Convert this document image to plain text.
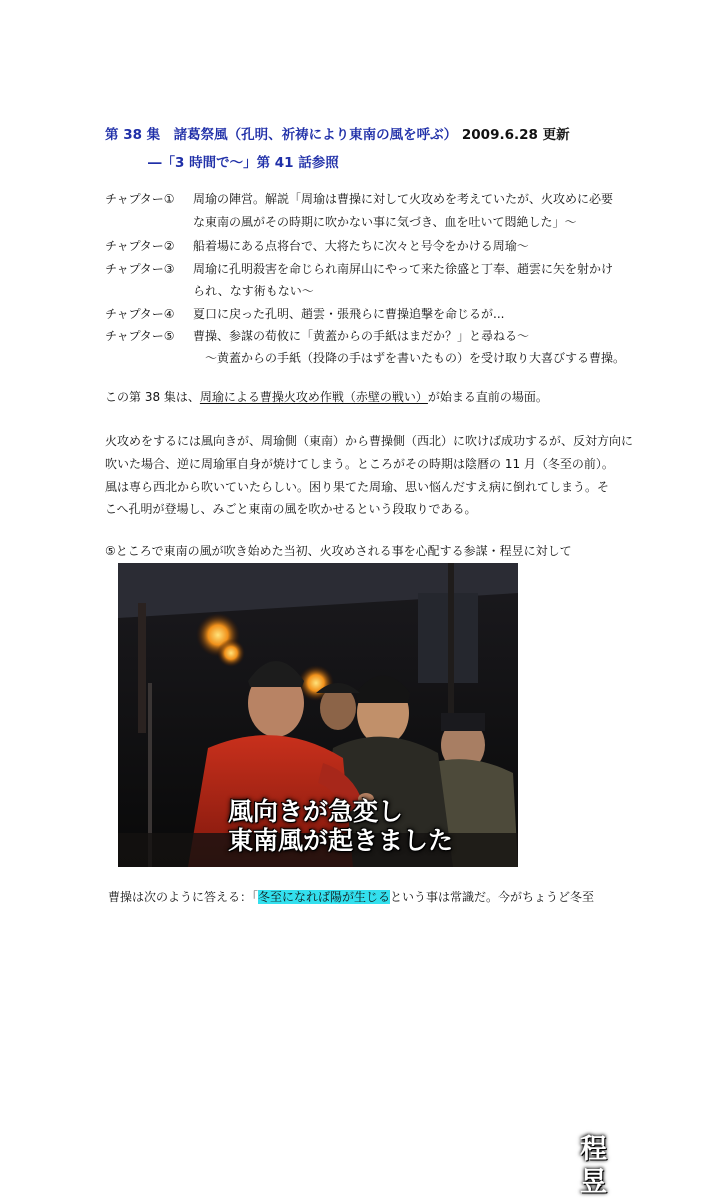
第 38 集　諸葛祭風（孔明、祈祷により東南の風を呼ぶ） 2009.6.28 更新
―「3 時間で～」第 41 話参照
チャプター① 周瑜の陣営。解説「周瑜は曹操に対して火攻めを考えていたが、火攻めに必要
な東南の風がその時期に吹かない事に気づき、血を吐いて悶絶した」～
チャプター② 船着場にある点将台で、大将たちに次々と号令をかける周瑜～
チャプター③ 周瑜に孔明殺害を命じられ南屏山にやって来た徐盛と丁奉、趙雲に矢を射かけ
られ、なす術もない～
チャプター④ 夏口に戻った孔明、趙雲・張飛らに曹操追撃を命じるが...
チャプター⑤ 曹操、参謀の荀攸に「黄蓋からの手紙はまだか？」と尋ねる～
　～黄蓋からの手紙（投降の手はずを書いたもの）を受け取り大喜びする曹操。
この第 38 集は、周瑜による曹操火攻め作戦（赤壁の戦い）が始まる直前の場面。
火攻めをするには風向きが、周瑜側（東南）から曹操側（西北）に吹けば成功するが、反対方向に
吹いた場合、逆に周瑜軍自身が焼けてしまう。ところがその時期は陰暦の 11 月（冬至の前）。
風は専ら西北から吹いていたらしい。困り果てた周瑜、思い悩んだすえ病に倒れてしまう。そ
こへ孔明が登場し、みごと東南の風を吹かせるという段取りである。
⑤ところで東南の風が吹き始めた当初、火攻めされる事を心配する参謀・程昱に対して
程
昱
風向きが急変し
東南風が起きました
曹操は次のように答える：「冬至になれば陽が生じるという事は常識だ。今がちょうど冬至
